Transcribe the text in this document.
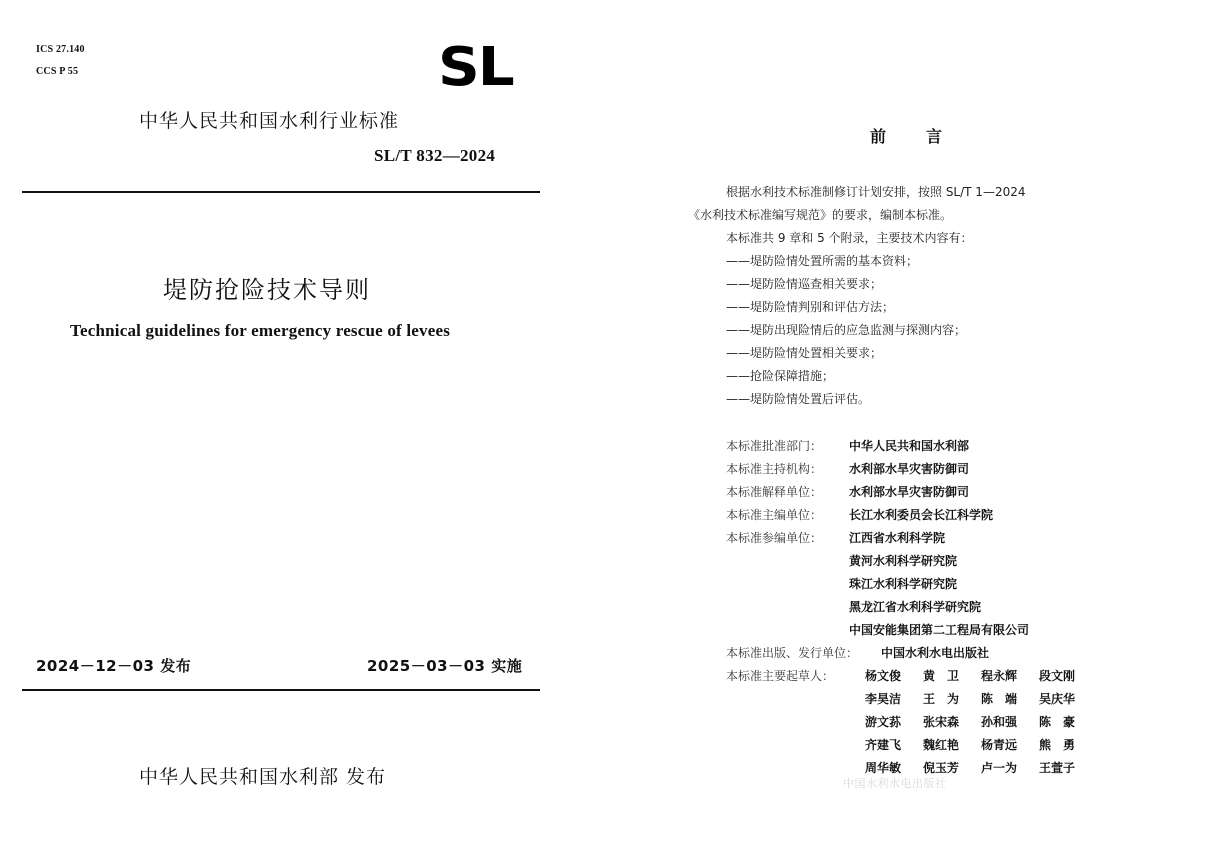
ICS 27.140
CCS P 55	SL
中华人民共和国水利行业标准
SL/T 832—2024
堤防抢险技术导则
Technical guidelines for emergency rescue of levees
2024－12－03 发布	2025－03－03 实施
中华人民共和国水利部 发布
前言
根据水利技术标准制修订计划安排，按照 SL/T 1—2024
《水利技术标准编写规范》的要求，编制本标准。
本标准共 9 章和 5 个附录，主要技术内容有：
——堤防险情处置所需的基本资料；
——堤防险情巡查相关要求；
——堤防险情判别和评估方法；
——堤防出现险情后的应急监测与探测内容；
——堤防险情处置相关要求；
——抢险保障措施；
——堤防险情处置后评估。
本标准批准部门： 中华人民共和国水利部
本标准主持机构： 水利部水旱灾害防御司
本标准解释单位： 水利部水旱灾害防御司
本标准主编单位： 长江水利委员会长江科学院
本标准参编单位： 江西省水利科学院
黄河水利科学研究院
珠江水利科学研究院
黑龙江省水利科学研究院
中国安能集团第二工程局有限公司
本标准出版、发行单位： 中国水利水电出版社
本标准主要起草人：	杨文俊	黄　卫	程永辉	段文刚
李昊洁	王　为	陈　端	吴庆华
游文荪	张宋森	孙和强	陈　豪
齐建飞	魏红艳	杨青远	熊　勇
周华敏	倪玉芳	卢一为	王萱子
中国水利水电出版社
